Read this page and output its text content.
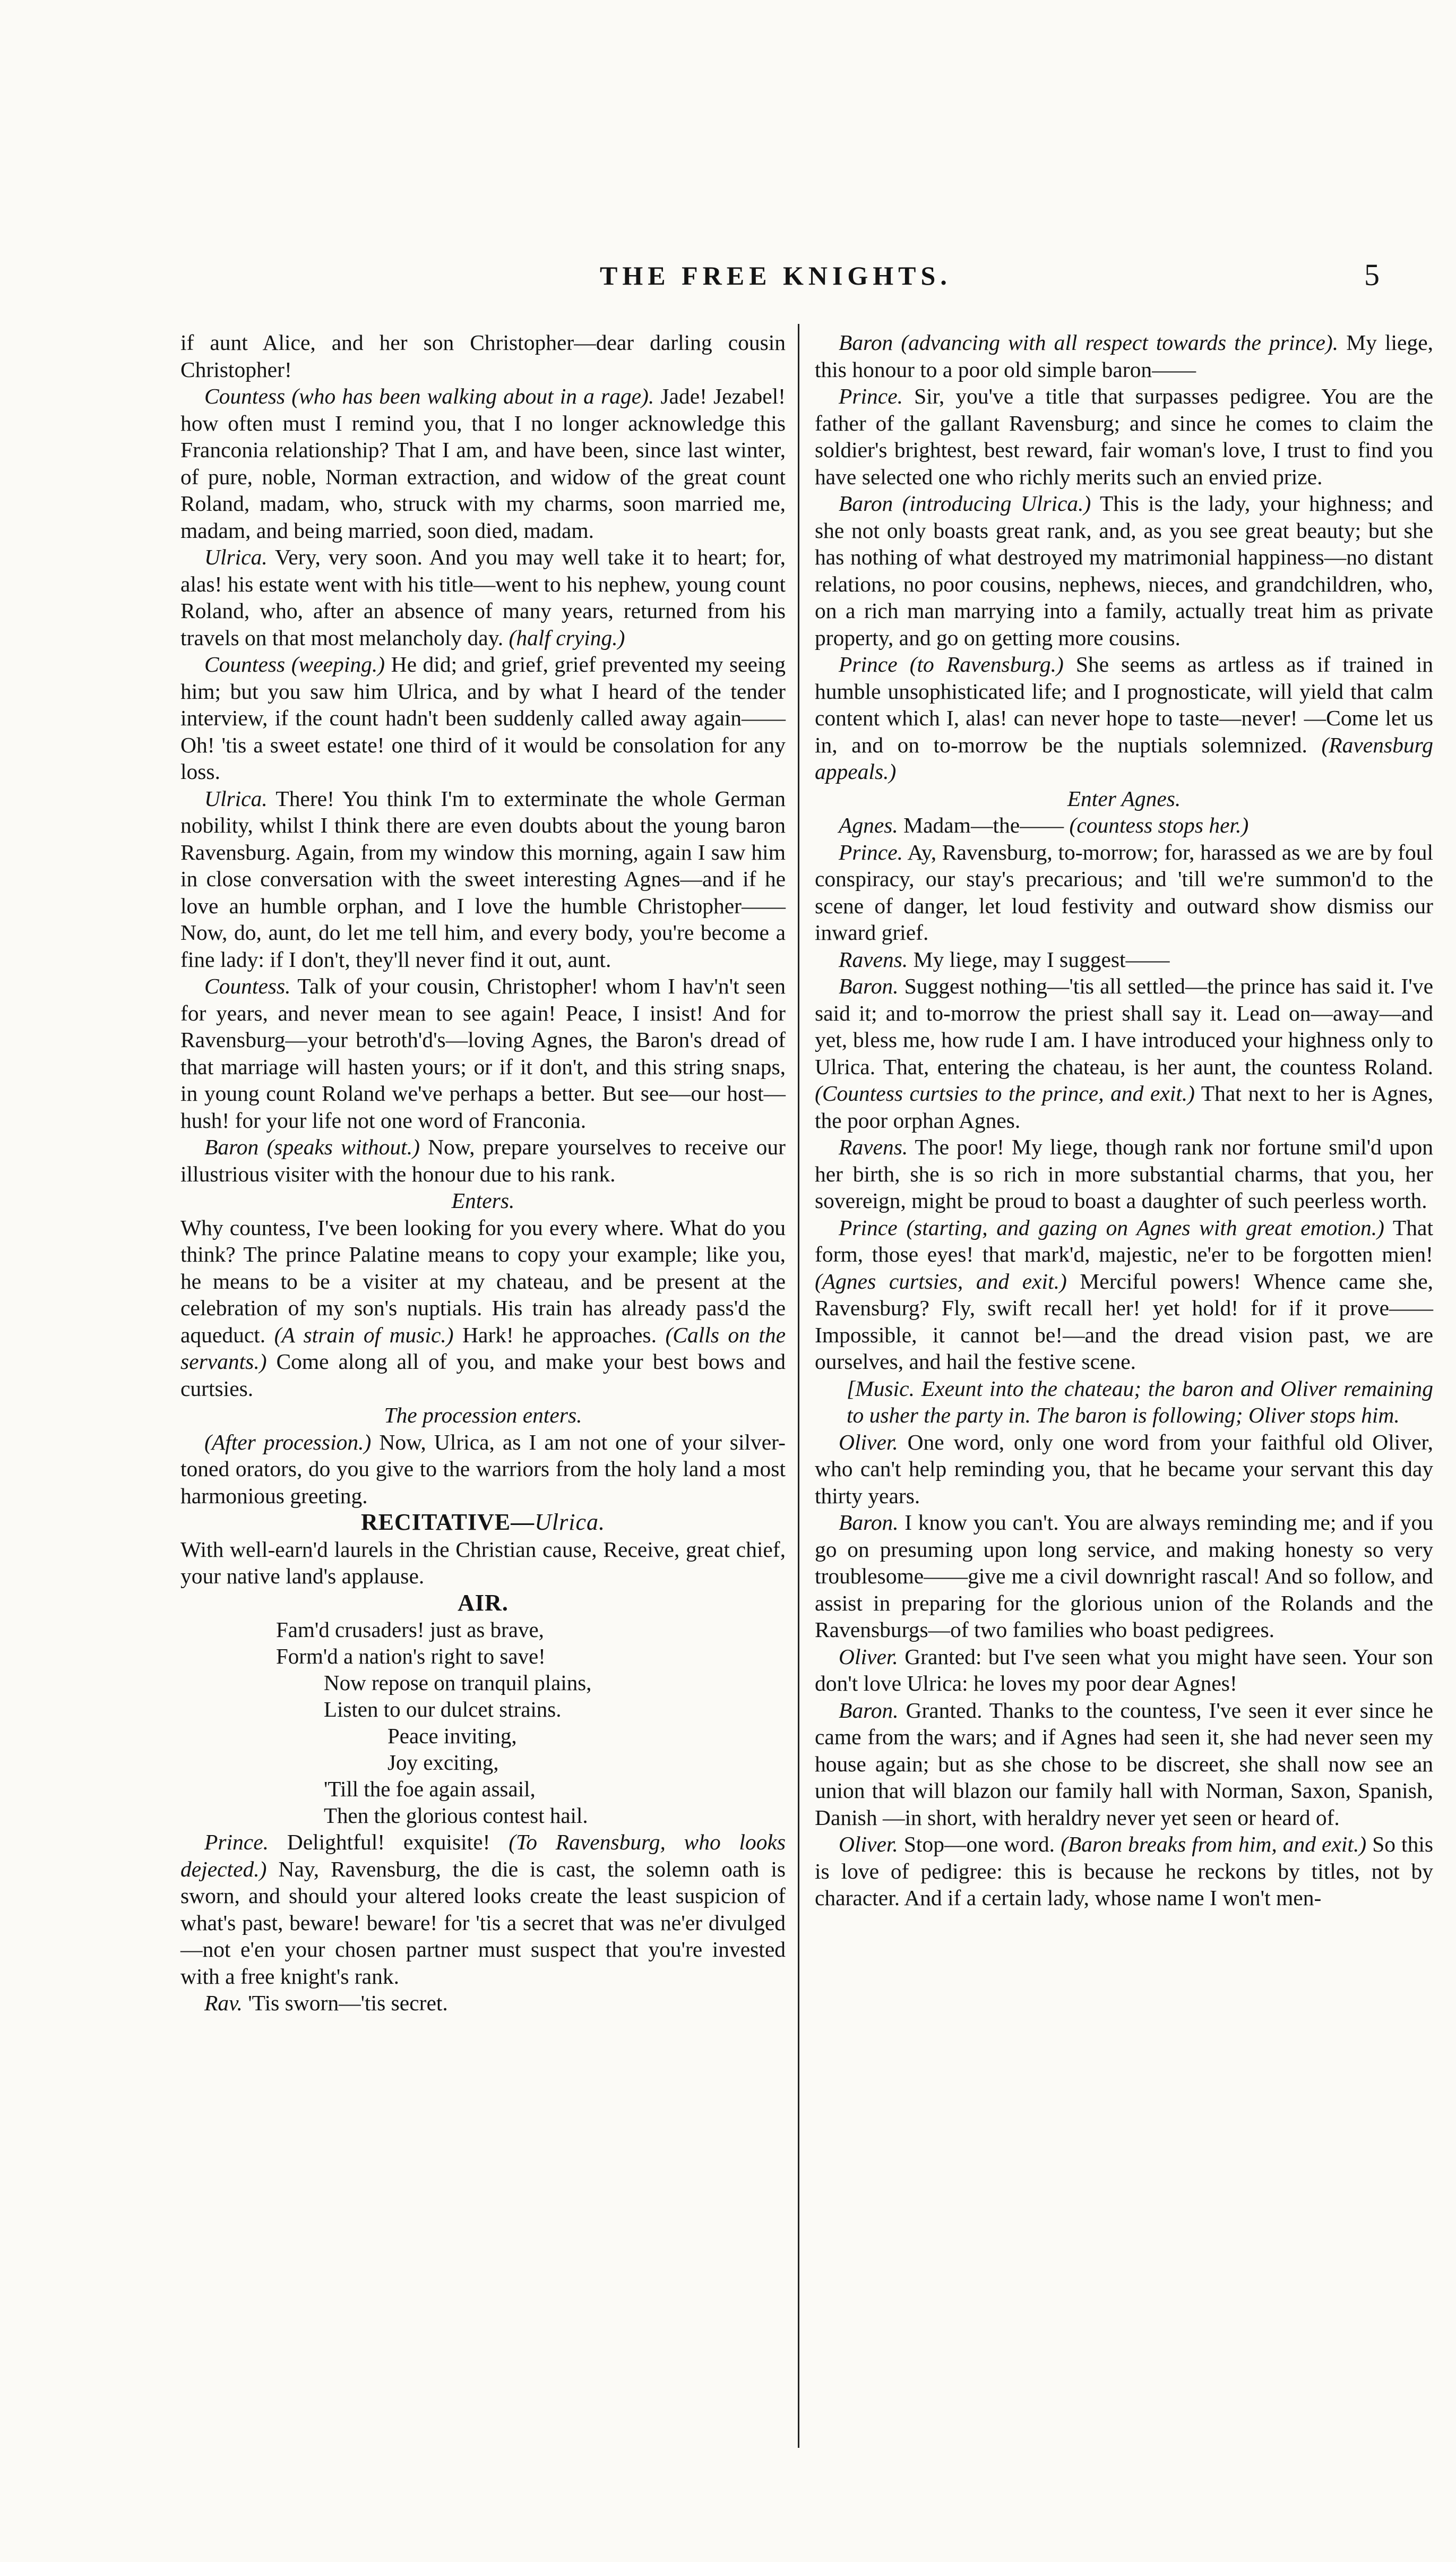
THE FREE KNIGHTS.	5

if aunt Alice, and her son Christopher—dear darling cousin Christopher!

Countess (who has been walking about in a rage). Jade! Jezabel! how often must I remind you, that I no longer acknowledge this Franconia relationship? That I am, and have been, since last winter, of pure, noble, Norman extraction, and widow of the great count Roland, madam, who, struck with my charms, soon married me, madam, and being married, soon died, madam.

Ulrica. Very, very soon. And you may well take it to heart; for, alas! his estate went with his title—went to his nephew, young count Roland, who, after an absence of many years, returned from his travels on that most melancholy day. (half crying.)

Countess (weeping.) He did; and grief, grief prevented my seeing him; but you saw him Ulrica, and by what I heard of the tender interview, if the count hadn't been suddenly called away again——Oh! 'tis a sweet estate! one third of it would be consolation for any loss.

Ulrica. There! You think I'm to exterminate the whole German nobility, whilst I think there are even doubts about the young baron Ravensburg. Again, from my window this morning, again I saw him in close conversation with the sweet interesting Agnes—and if he love an humble orphan, and I love the humble Christopher——Now, do, aunt, do let me tell him, and every body, you're become a fine lady: if I don't, they'll never find it out, aunt.

Countess. Talk of your cousin, Christopher! whom I hav'n't seen for years, and never mean to see again! Peace, I insist! And for Ravensburg—your betroth'd's—loving Agnes, the Baron's dread of that marriage will hasten yours; or if it don't, and this string snaps, in young count Roland we've perhaps a better. But see—our host—hush! for your life not one word of Franconia.

Baron (speaks without.) Now, prepare yourselves to receive our illustrious visiter with the honour due to his rank.

Enters.

Why countess, I've been looking for you every where. What do you think? The prince Palatine means to copy your example; like you, he means to be a visiter at my chateau, and be present at the celebration of my son's nuptials. His train has already pass'd the aqueduct. (A strain of music.) Hark! he approaches. (Calls on the servants.) Come along all of you, and make your best bows and curtsies.

The procession enters.

(After procession.) Now, Ulrica, as I am not one of your silver-toned orators, do you give to the warriors from the holy land a most harmonious greeting.

RECITATIVE—Ulrica.

With well-earn'd laurels in the Christian cause, Receive, great chief, your native land's applause.

AIR.

Fam'd crusaders! just as brave,
Form'd a nation's right to save!
Now repose on tranquil plains,
Listen to our dulcet strains.
Peace inviting,
Joy exciting,
'Till the foe again assail,
Then the glorious contest hail.

Prince. Delightful! exquisite! (To Ravensburg, who looks dejected.) Nay, Ravensburg, the die is cast, the solemn oath is sworn, and should your altered looks create the least suspicion of what's past, beware! beware! for 'tis a secret that was ne'er divulged—not e'en your chosen partner must suspect that you're invested with a free knight's rank.

Rav. 'Tis sworn—'tis secret.

Baron (advancing with all respect towards the prince). My liege, this honour to a poor old simple baron——

Prince. Sir, you've a title that surpasses pedigree. You are the father of the gallant Ravensburg; and since he comes to claim the soldier's brightest, best reward, fair woman's love, I trust to find you have selected one who richly merits such an envied prize.

Baron (introducing Ulrica.) This is the lady, your highness; and she not only boasts great rank, and, as you see great beauty; but she has nothing of what destroyed my matrimonial happiness—no distant relations, no poor cousins, nephews, nieces, and grandchildren, who, on a rich man marrying into a family, actually treat him as private property, and go on getting more cousins.

Prince (to Ravensburg.) She seems as artless as if trained in humble unsophisticated life; and I prognosticate, will yield that calm content which I, alas! can never hope to taste—never! —Come let us in, and on to-morrow be the nuptials solemnized. (Ravensburg appeals.)

Enter Agnes.

Agnes. Madam—the—— (countess stops her.)

Prince. Ay, Ravensburg, to-morrow; for, harassed as we are by foul conspiracy, our stay's precarious; and 'till we're summon'd to the scene of danger, let loud festivity and outward show dismiss our inward grief.

Ravens. My liege, may I suggest——

Baron. Suggest nothing—'tis all settled—the prince has said it. I've said it; and to-morrow the priest shall say it. Lead on—away—and yet, bless me, how rude I am. I have introduced your highness only to Ulrica. That, entering the chateau, is her aunt, the countess Roland. (Countess curtsies to the prince, and exit.) That next to her is Agnes, the poor orphan Agnes.

Ravens. The poor! My liege, though rank nor fortune smil'd upon her birth, she is so rich in more substantial charms, that you, her sovereign, might be proud to boast a daughter of such peerless worth.

Prince (starting, and gazing on Agnes with great emotion.) That form, those eyes! that mark'd, majestic, ne'er to be forgotten mien! (Agnes curtsies, and exit.) Merciful powers! Whence came she, Ravensburg? Fly, swift recall her! yet hold! for if it prove——Impossible, it cannot be!—and the dread vision past, we are ourselves, and hail the festive scene.

[Music. Exeunt into the chateau; the baron and Oliver remaining to usher the party in. The baron is following; Oliver stops him.

Oliver. One word, only one word from your faithful old Oliver, who can't help reminding you, that he became your servant this day thirty years.

Baron. I know you can't. You are always reminding me; and if you go on presuming upon long service, and making honesty so very troublesome——give me a civil downright rascal! And so follow, and assist in preparing for the glorious union of the Rolands and the Ravensburgs—of two families who boast pedigrees.

Oliver. Granted: but I've seen what you might have seen. Your son don't love Ulrica: he loves my poor dear Agnes!

Baron. Granted. Thanks to the countess, I've seen it ever since he came from the wars; and if Agnes had seen it, she had never seen my house again; but as she chose to be discreet, she shall now see an union that will blazon our family hall with Norman, Saxon, Spanish, Danish —in short, with heraldry never yet seen or heard of.

Oliver. Stop—one word. (Baron breaks from him, and exit.) So this is love of pedigree: this is because he reckons by titles, not by character. And if a certain lady, whose name I won't men-
